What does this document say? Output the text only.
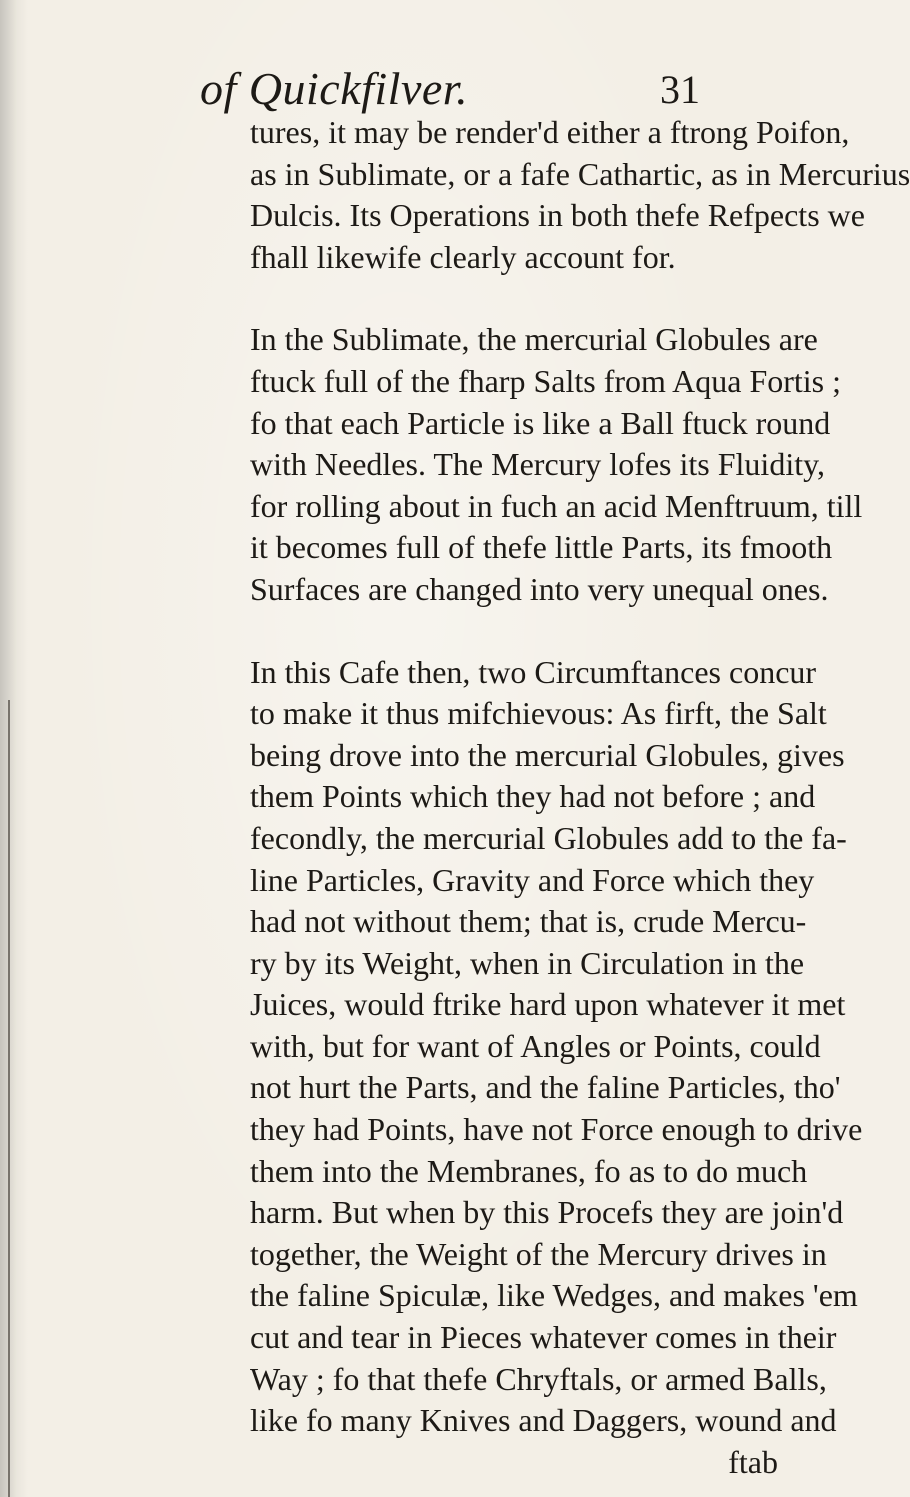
of Quickfilver.	31
tures, it may be render'd either a ftrong Poifon,
as in Sublimate, or a fafe Cathartic, as in Mercurius
Dulcis. Its Operations in both thefe Refpects we
fhall likewife clearly account for.
In the Sublimate, the mercurial Globules are
ftuck full of the fharp Salts from Aqua Fortis ;
fo that each Particle is like a Ball ftuck round
with Needles. The Mercury lofes its Fluidity,
for rolling about in fuch an acid Menftruum, till
it becomes full of thefe little Parts, its fmooth
Surfaces are changed into very unequal ones.
In this Cafe then, two Circumftances concur
to make it thus mifchievous: As firft, the Salt
being drove into the mercurial Globules, gives
them Points which they had not before ; and
fecondly, the mercurial Globules add to the fa-
line Particles, Gravity and Force which they
had not without them; that is, crude Mercu-
ry by its Weight, when in Circulation in the
Juices, would ftrike hard upon whatever it met
with, but for want of Angles or Points, could
not hurt the Parts, and the faline Particles, tho'
they had Points, have not Force enough to drive
them into the Membranes, fo as to do much
harm. But when by this Procefs they are join'd
together, the Weight of the Mercury drives in
the faline Spiculæ, like Wedges, and makes 'em
cut and tear in Pieces whatever comes in their
Way ; fo that thefe Chryftals, or armed Balls,
like fo many Knives and Daggers, wound and
ftab
